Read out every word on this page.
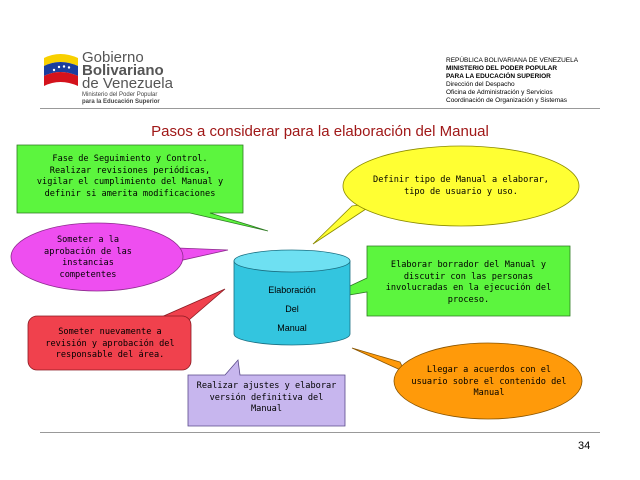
Gobierno
Bolivariano
de Venezuela
Ministerio del Poder Popular
para la Educación Superior
REPÚBLICA BOLIVARIANA DE VENEZUELA
MINISTERIO DEL PODER POPULAR
PARA LA EDUCACIÓN SUPERIOR
Dirección del Despacho
Oficina de Administración y Servicios
Coordinación de Organización y Sistemas
Pasos a considerar para la elaboración del Manual
Fase de Seguimiento y Control.
Realizar revisiones periódicas,
vigilar el cumplimiento del Manual y
definir si amerita modificaciones
Definir tipo de Manual a elaborar,
tipo de usuario y uso.
Someter a la
aprobación de las
instancias
competentes
Elaborar borrador del Manual y
discutir con las personas
involucradas en la ejecución del
proceso.
Someter nuevamente a
revisión y aprobación del
responsable del área.
Llegar a acuerdos con el
usuario sobre el contenido del
Manual
Realizar ajustes y elaborar
versión definitiva del
Manual
Elaboración
Del
Manual
34
